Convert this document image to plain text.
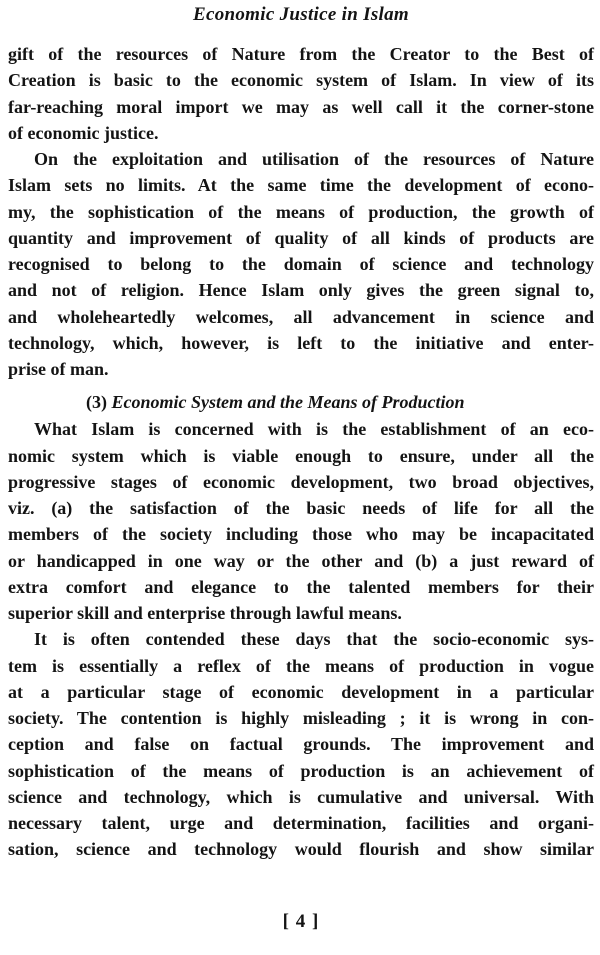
Economic Justice in Islam
gift of the resources of Nature from the Creator to the Best of
Creation is basic to the economic system of Islam. In view of its
far-reaching moral import we may as well call it the corner-stone
of economic justice.
On the exploitation and utilisation of the resources of Nature
Islam sets no limits. At the same time the development of econo-
my, the sophistication of the means of production, the growth of
quantity and improvement of quality of all kinds of products are
recognised to belong to the domain of science and technology
and not of religion. Hence Islam only gives the green signal to,
and wholeheartedly welcomes, all advancement in science and
technology, which, however, is left to the initiative and enter-
prise of man.
(3) Economic System and the Means of Production
What Islam is concerned with is the establishment of an eco-
nomic system which is viable enough to ensure, under all the
progressive stages of economic development, two broad objectives,
viz. (a) the satisfaction of the basic needs of life for all the
members of the society including those who may be incapacitated
or handicapped in one way or the other and (b) a just reward of
extra comfort and elegance to the talented members for their
superior skill and enterprise through lawful means.
It is often contended these days that the socio-economic sys-
tem is essentially a reflex of the means of production in vogue
at a particular stage of economic development in a particular
society. The contention is highly misleading ; it is wrong in con-
ception and false on factual grounds. The improvement and
sophistication of the means of production is an achievement of
science and technology, which is cumulative and universal. With
necessary talent, urge and determination, facilities and organi-
sation, science and technology would flourish and show similar
[ 4 ]
